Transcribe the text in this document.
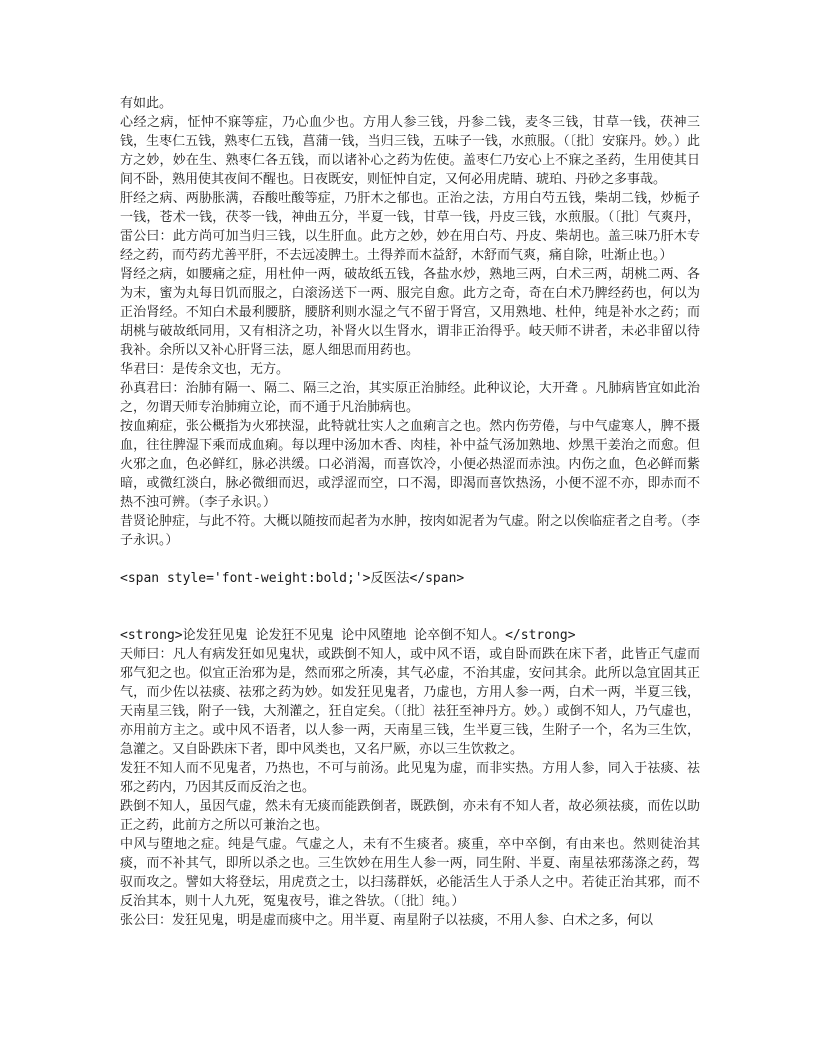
有如此。

心经之病，怔忡不寐等症，乃心血少也。方用人参三钱，丹参二钱，麦冬三钱，甘草一钱，茯神三钱，生枣仁五钱，熟枣仁五钱，菖蒲一钱，当归三钱，五味子一钱，水煎服。（〔批〕安寐丹。妙。）此方之妙，妙在生、熟枣仁各五钱，而以诸补心之药为佐使。盖枣仁乃安心上不寐之圣药，生用使其日间不卧，熟用使其夜间不醒也。日夜既安，则怔忡自定，又何必用虎睛、琥珀、丹砂之多事哉。

肝经之病、两胁胀满，吞酸吐酸等症，乃肝木之郁也。正治之法，方用白芍五钱，柴胡二钱，炒栀子一钱，苍术一钱，茯苓一钱，神曲五分，半夏一钱，甘草一钱，丹皮三钱，水煎服。（〔批〕气爽丹，雷公曰：此方尚可加当归三钱，以生肝血。此方之妙，妙在用白芍、丹皮、柴胡也。盖三味乃肝木专经之药，而芍药尤善平肝，不去远凌脾土。土得养而木益舒，木舒而气爽，痛自除，吐渐止也。）

肾经之病，如腰痛之症，用杜仲一两，破故纸五钱，各盐水炒，熟地三两，白术三两，胡桃二两、各为末，蜜为丸每日饥而服之，白滚汤送下一两、服完自愈。此方之奇，奇在白术乃脾经药也，何以为正治肾经。不知白术最利腰脐，腰脐利则水湿之气不留于肾宫，又用熟地、杜仲，纯是补水之药；而胡桃与破故纸同用，又有相济之功，补肾火以生肾水，谓非正治得乎。岐天师不讲者，未必非留以待我补。余所以又补心肝肾三法，愿人细思而用药也。

华君曰：是传余文也，无方。

孙真君曰：治肺有隔一、隔二、隔三之治，其实原正治肺经。此种议论，大开聋 。凡肺病皆宜如此治之，勿谓天师专治肺痈立论，而不通于凡治肺病也。

按血痢症，张公概指为火邪挟湿，此特就壮实人之血痢言之也。然内伤劳倦，与中气虚寒人，脾不摄血，往往脾湿下乘而成血痢。每以理中汤加木香、肉桂，补中益气汤加熟地、炒黑干姜治之而愈。但火邪之血，色必鲜红，脉必洪缓。口必消渴，而喜饮冷，小便必热涩而赤浊。内伤之血，色必鲜而紫暗，或微红淡白，脉必微细而迟，或浮涩而空，口不渴，即渴而喜饮热汤，小便不涩不亦，即赤而不热不浊可辨。（李子永识。）

昔贤论肿症，与此不符。大概以随按而起者为水肿，按肉如泥者为气虚。附之以俟临症者之自考。（李子永识。）

<span style='font-weight:bold;'>反医法</span>

<strong>论发狂见鬼 论发狂不见鬼 论中风堕地 论卒倒不知人。</strong>

天师曰：凡人有病发狂如见鬼状，或跌倒不知人，或中风不语，或自卧而跌在床下者，此皆正气虚而邪气犯之也。似宜正治邪为是，然而邪之所凑，其气必虚，不治其虚，安问其余。此所以急宜固其正气，而少佐以祛痰、祛邪之药为妙。如发狂见鬼者，乃虚也，方用人参一两，白术一两，半夏三钱，天南星三钱，附子一钱，大剂灌之，狂自定矣。（〔批〕祛狂至神丹方。妙。）或倒不知人，乃气虚也，亦用前方主之。或中风不语者，以人参一两，天南星三钱，生半夏三钱，生附子一个，名为三生饮，急灌之。又自卧跌床下者，即中风类也，又名尸厥，亦以三生饮救之。

发狂不知人而不见鬼者，乃热也，不可与前汤。此见鬼为虚，而非实热。方用人参，同入于祛痰、祛邪之药内，乃因其反而反治之也。

跌倒不知人，虽因气虚，然未有无痰而能跌倒者，既跌倒，亦未有不知人者，故必须祛痰，而佐以助正之药，此前方之所以可兼治之也。

中风与堕地之症。纯是气虚。气虚之人，未有不生痰者。痰重，卒中卒倒，有由来也。然则徒治其痰，而不补其气，即所以杀之也。三生饮妙在用生人参一两，同生附、半夏、南星祛邪荡涤之药，驾驭而攻之。譬如大将登坛，用虎贲之士，以扫荡群妖，必能活生人于杀人之中。若徒正治其邪，而不反治其本，则十人九死，冤鬼夜号，谁之咎欤。（〔批〕纯。）

张公曰：发狂见鬼，明是虚而痰中之。用半夏、南星附子以祛痰，不用人参、白术之多，何以
